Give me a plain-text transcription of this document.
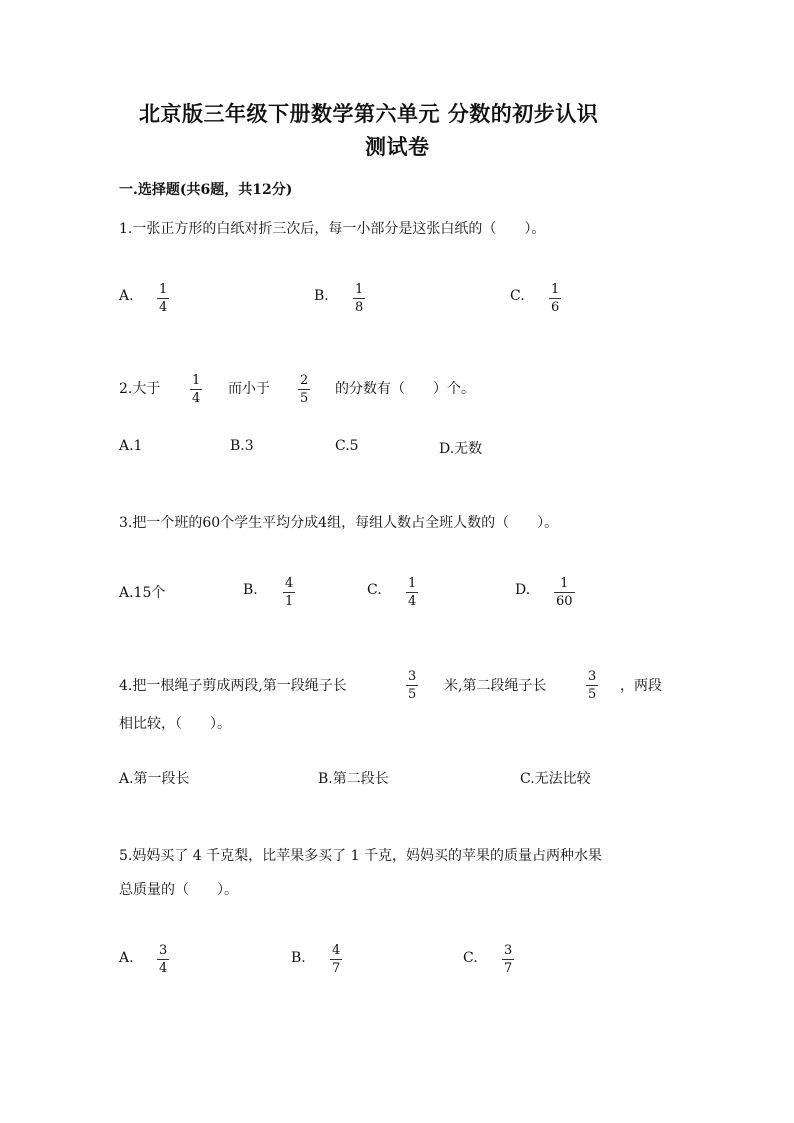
北京版三年级下册数学第六单元 分数的初步认识
测试卷
一.选择题(共6题，共12分)
1.一张正方形的白纸对折三次后，每一小部分是这张白纸的（　　）。
A. 1
4
B. 1
8
C. 1
6
2.大于
1
4
而小于
2
5
的分数有（　　）个。
A.1	B.3	C.5	D.无数
3.把一个班的60个学生平均分成4组，每组人数占全班人数的（　　）。
A.15个	B. 4
1
C. 1
4
D. 1
60
4.把一根绳子剪成两段,第一段绳子长
3
5
米,第二段绳子长
3
5
，两段
相比较，（　　）。
A.第一段长	B.第二段长	C.无法比较
5.妈妈买了 4 千克梨，比苹果多买了 1 千克，妈妈买的苹果的质量占两种水果
总质量的（　　）。
A. 3
4
B. 4
7
C. 3
7
